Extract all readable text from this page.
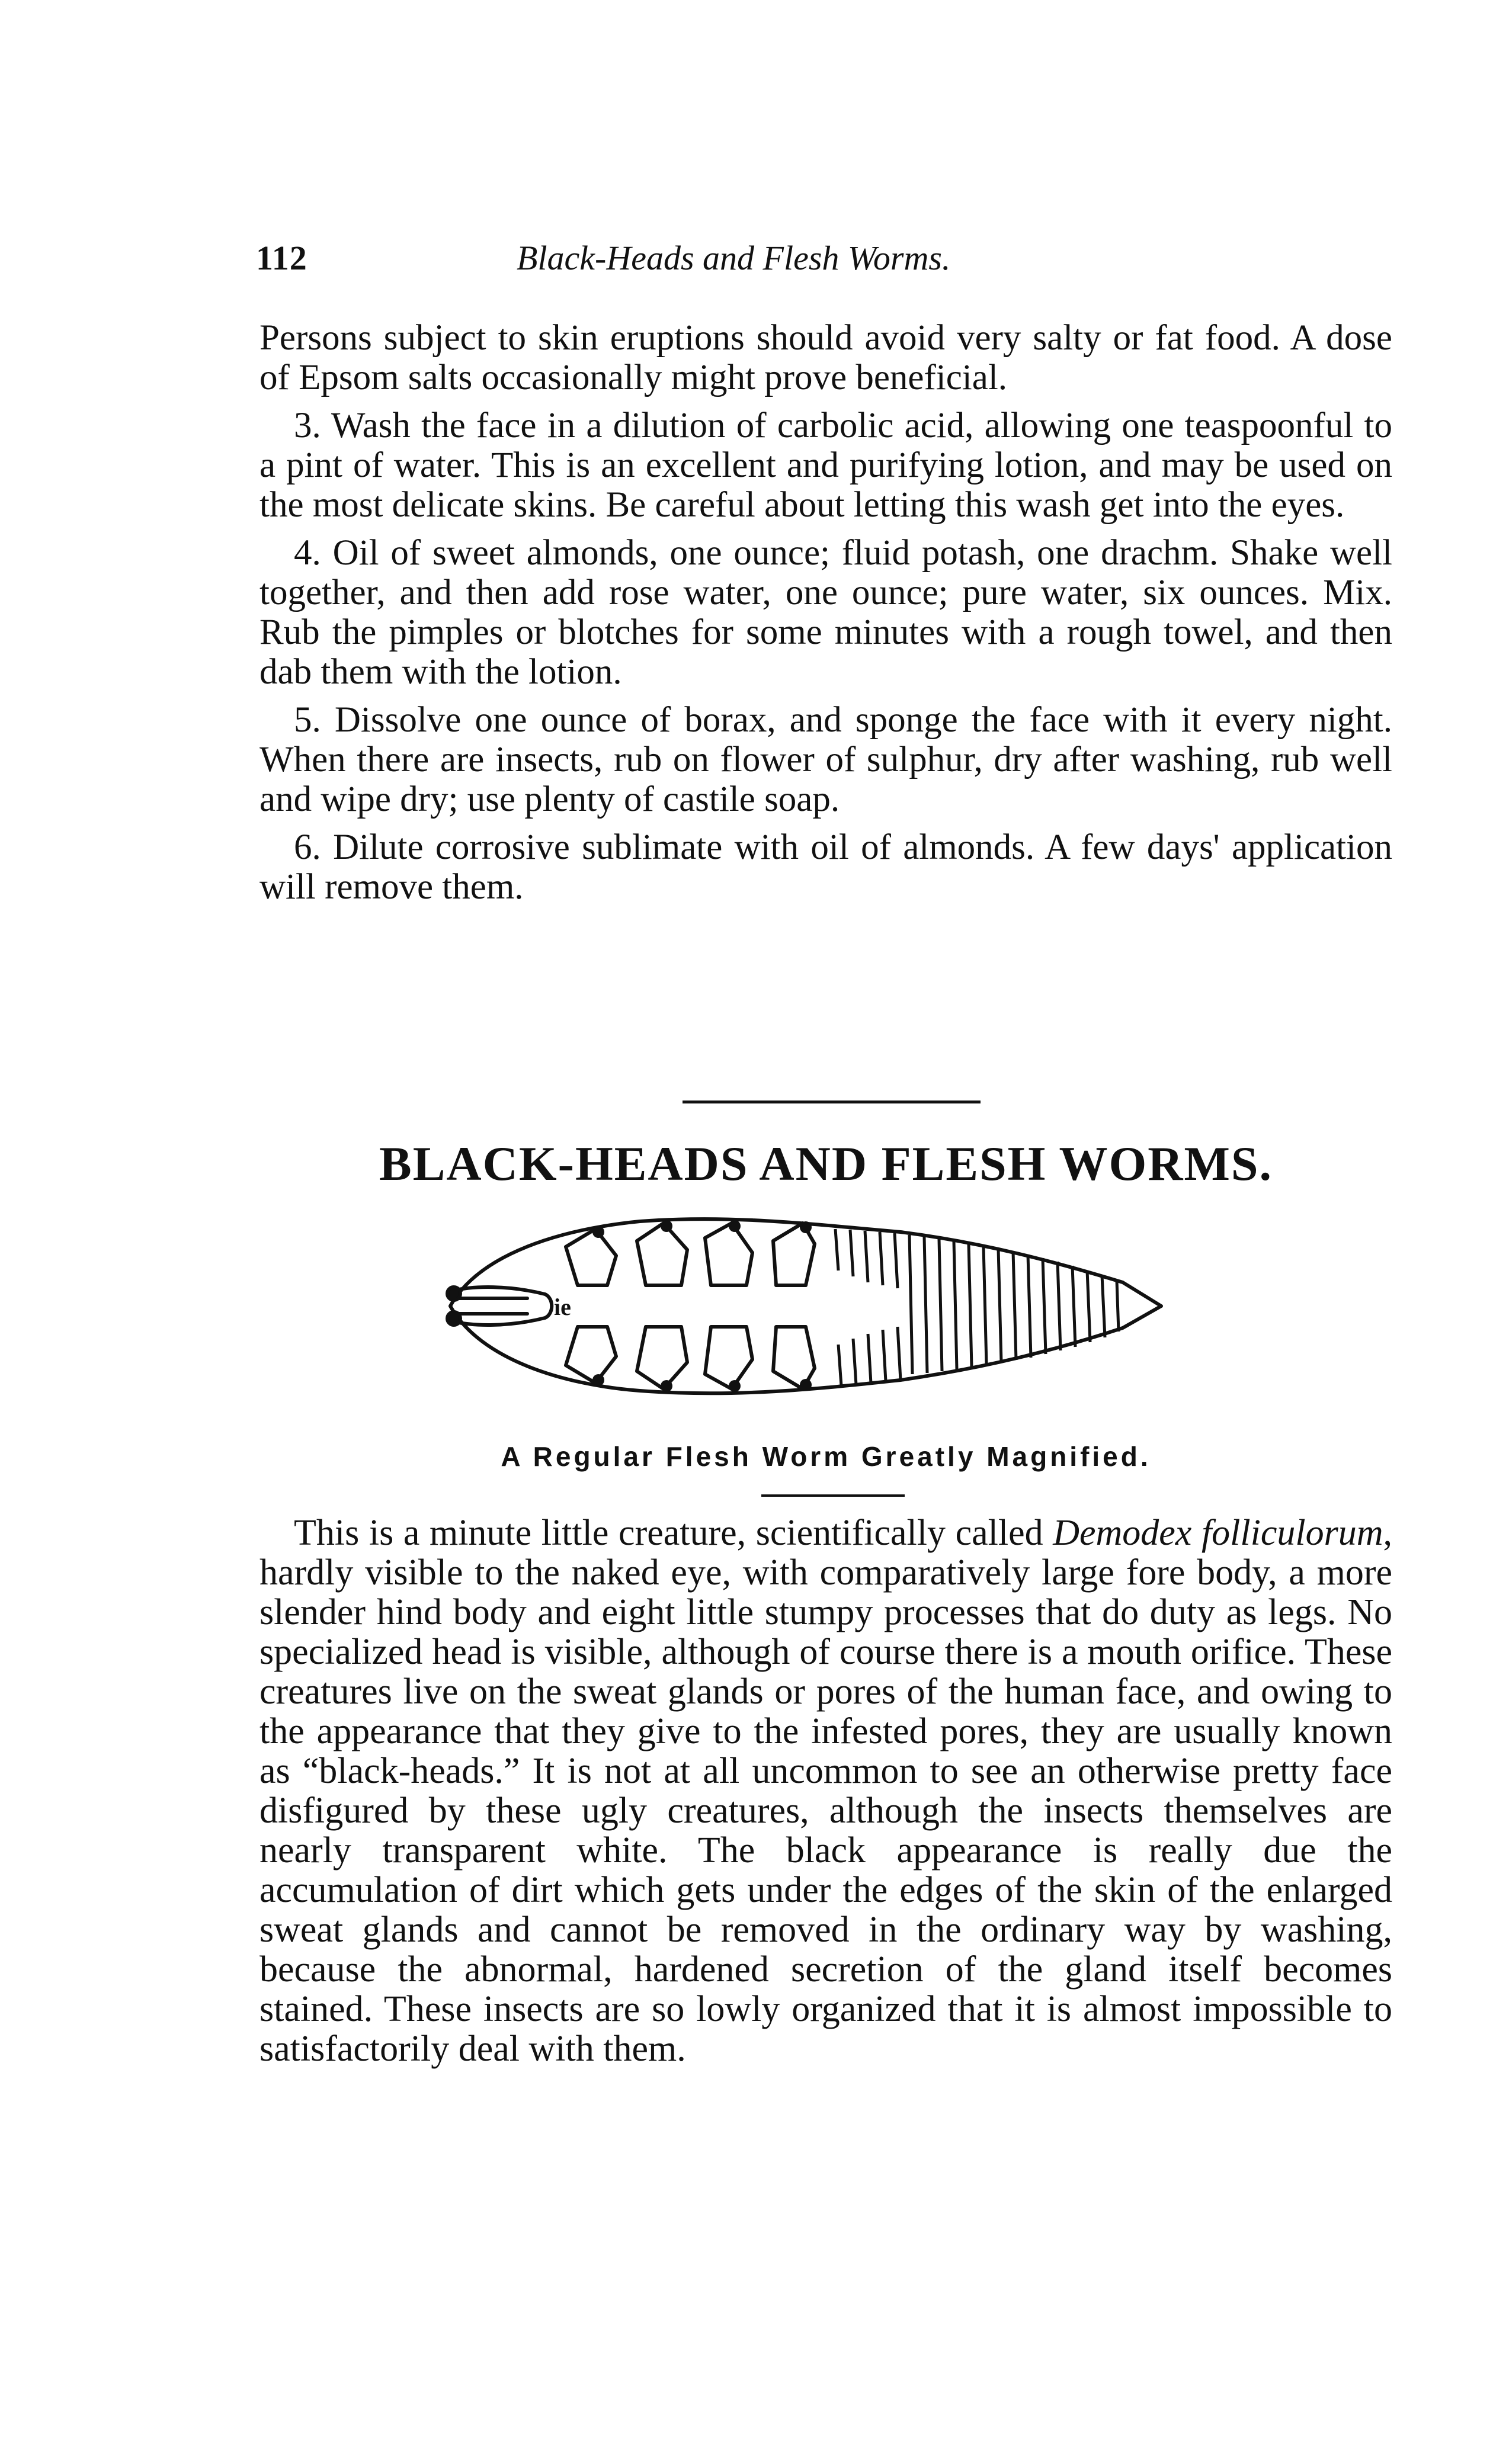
112	Black-Heads and Flesh Worms.

Persons subject to skin eruptions should avoid very salty or fat food. A dose of Epsom salts occasionally might prove beneficial.

3. Wash the face in a dilution of carbolic acid, allowing one teaspoonful to a pint of water. This is an excellent and purifying lotion, and may be used on the most delicate skins. Be careful about letting this wash get into the eyes.

4. Oil of sweet almonds, one ounce; fluid potash, one drachm. Shake well together, and then add rose water, one ounce; pure water, six ounces. Mix. Rub the pimples or blotches for some minutes with a rough towel, and then dab them with the lotion.

5. Dissolve one ounce of borax, and sponge the face with it every night. When there are insects, rub on flower of sulphur, dry after washing, rub well and wipe dry; use plenty of castile soap.

6. Dilute corrosive sublimate with oil of almonds. A few days' application will remove them.

BLACK-HEADS AND FLESH WORMS.
ie
A Regular Flesh Worm Greatly Magnified.

This is a minute little creature, scientifically called Demodex folliculorum, hardly visible to the naked eye, with comparatively large fore body, a more slender hind body and eight little stumpy processes that do duty as legs. No specialized head is visible, although of course there is a mouth orifice. These creatures live on the sweat glands or pores of the human face, and owing to the appearance that they give to the infested pores, they are usually known as “black-heads.” It is not at all uncommon to see an otherwise pretty face disfigured by these ugly creatures, although the insects themselves are nearly transparent white. The black appearance is really due the accumulation of dirt which gets under the edges of the skin of the enlarged sweat glands and cannot be removed in the ordinary way by washing, because the abnormal, hardened secretion of the gland itself becomes stained. These insects are so lowly organized that it is almost impossible to satisfactorily deal with them.
